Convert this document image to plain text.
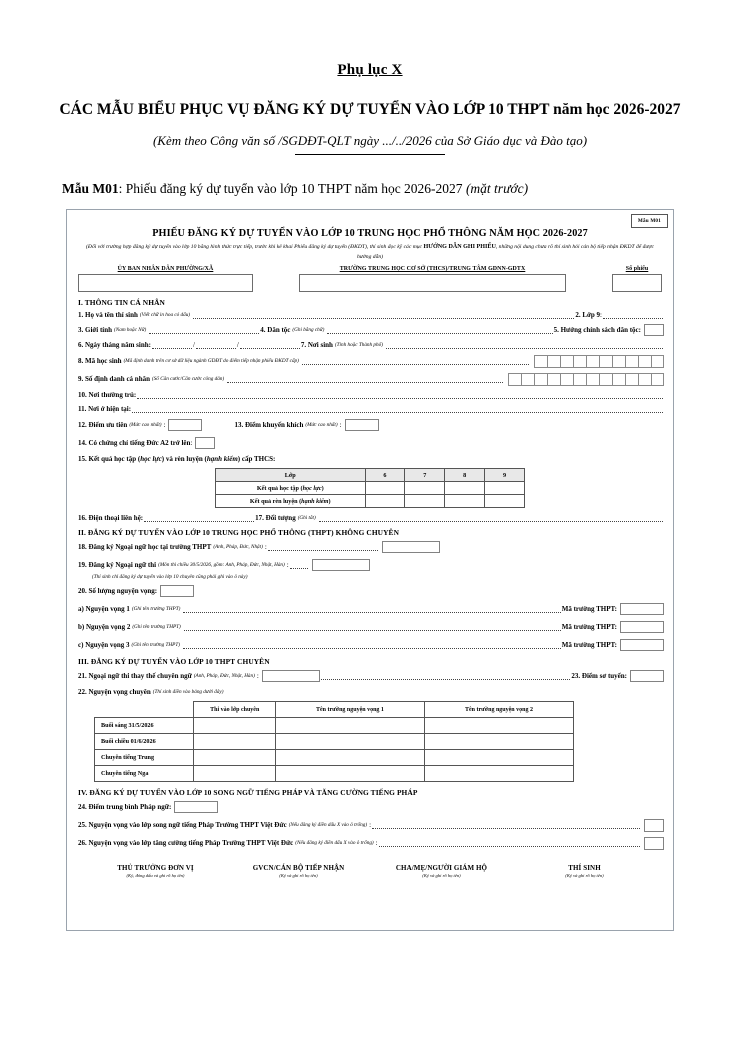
Phụ lục X
CÁC MẪU BIỂU PHỤC VỤ ĐĂNG KÝ DỰ TUYỂN VÀO LỚP 10 THPT năm học 2026-2027
(Kèm theo Công văn số /SGDĐT-QLT ngày .../../2026 của Sở Giáo dục và Đào tạo)
Mẫu M01: Phiếu đăng ký dự tuyển vào lớp 10 THPT năm học 2026-2027 (mặt trước)
Mẫu M01
PHIẾU ĐĂNG KÝ DỰ TUYỂN VÀO LỚP 10 TRUNG HỌC PHỔ THÔNG NĂM HỌC 2026-2027
(Đối với trường hợp đăng ký dự tuyển vào lớp 10 bằng hình thức trực tiếp, trước khi kê khai Phiếu đăng ký dự tuyển (ĐKDT), thí sinh đọc kỹ các mục HƯỚNG DẪN GHI PHIẾU, những nội dung chưa rõ thí sinh hỏi cán bộ tiếp nhận ĐKDT để được hướng dẫn)
ỦY BAN NHÂN DÂN PHƯỜNG/XÃ	TRƯỜNG TRUNG HỌC CƠ SỞ (THCS)/TRUNG TÂM GDNN-GDTX	Số phiếu
I. THÔNG TIN CÁ NHÂN
1. Họ và tên thí sinh (Viết chữ in hoa có dấu)	2. Lớp 9 :
3. Giới tính (Nam hoặc Nữ)	4. Dân tộc (Ghi bằng chữ)	5. Hưởng chính sách dân tộc:
6. Ngày tháng năm sinh:	/	/	7. Nơi sinh (Tỉnh hoặc Thành phố)
8. Mã học sinh (Mã định danh trên cơ sở dữ liệu ngành GDĐT do điểm tiếp nhận phiếu ĐKDT cấp)
9. Số định danh cá nhân (Số Căn cước/Căn cước công dân)
10. Nơi thường trú:
11. Nơi ở hiện tại:
12. Điểm ưu tiên (Mức cao nhất) :	13. Điểm khuyến khích (Mức cao nhất) :
14. Có chứng chỉ tiếng Đức A2 trở lên :
15. Kết quả học tập (học lực) và rèn luyện (hạnh kiểm) cấp THCS:
Lớp	6	7	8	9
Kết quả học tập (học lực)				
Kết quả rèn luyện (hạnh kiểm)				
16. Điện thoại liên hệ:	17. Đối tượng (Ghi tắt)
II. ĐĂNG KÝ DỰ TUYỂN VÀO LỚP 10 TRUNG HỌC PHỔ THÔNG (THPT) KHÔNG CHUYÊN
18. Đăng ký Ngoại ngữ học tại trường THPT (Anh, Pháp, Đức, Nhật) :
19. Đăng ký Ngoại ngữ thi (Môn thi chiều 30/5/2026, gồm: Anh, Pháp, Đức, Nhật, Hàn) :
(Thí sinh chỉ đăng ký dự tuyển vào lớp 10 chuyên cũng phải ghi vào ô này)
20. Số lượng nguyện vọng:
a) Nguyện vọng 1 (Ghi tên trường THPT)	Mã trường THPT:
b) Nguyện vọng 2 (Ghi tên trường THPT)	Mã trường THPT:
c) Nguyện vọng 3 (Ghi tên trường THPT)	Mã trường THPT:
III. ĐĂNG KÝ DỰ TUYỂN VÀO LỚP 10 THPT CHUYÊN
21. Ngoại ngữ thi thay thế chuyên ngữ (Anh, Pháp, Đức, Nhật, Hàn) :	23. Điểm sơ tuyển:
22. Nguyện vọng chuyên (Thí sinh điền vào bảng dưới đây)
	Thi vào lớp chuyên	Tên trường nguyện vọng 1	Tên trường nguyện vọng 2
Buổi sáng 31/5/2026			
Buổi chiều 01/6/2026			
Chuyên tiếng Trung			
Chuyên tiếng Nga			
IV. ĐĂNG KÝ DỰ TUYỂN VÀO LỚP 10 SONG NGỮ TIẾNG PHÁP VÀ TĂNG CƯỜNG TIẾNG PHÁP
24. Điểm trung bình Pháp ngữ:
25. Nguyện vọng vào lớp song ngữ tiếng Pháp Trường THPT Việt Đức (Nếu đăng ký điền dấu X vào ô trống) :
26. Nguyện vọng vào lớp tăng cường tiếng Pháp Trường THPT Việt Đức (Nếu đăng ký điền dấu X vào ô trống) :
THỦ TRƯỞNG ĐƠN VỊ
(Ký, đóng dấu và ghi rõ họ tên)
GVCN/CÁN BỘ TIẾP NHẬN
(Ký và ghi rõ họ tên)
CHA/MẸ/NGƯỜI GIÁM HỘ
(Ký và ghi rõ họ tên)
THÍ SINH
(Ký và ghi rõ họ tên)
